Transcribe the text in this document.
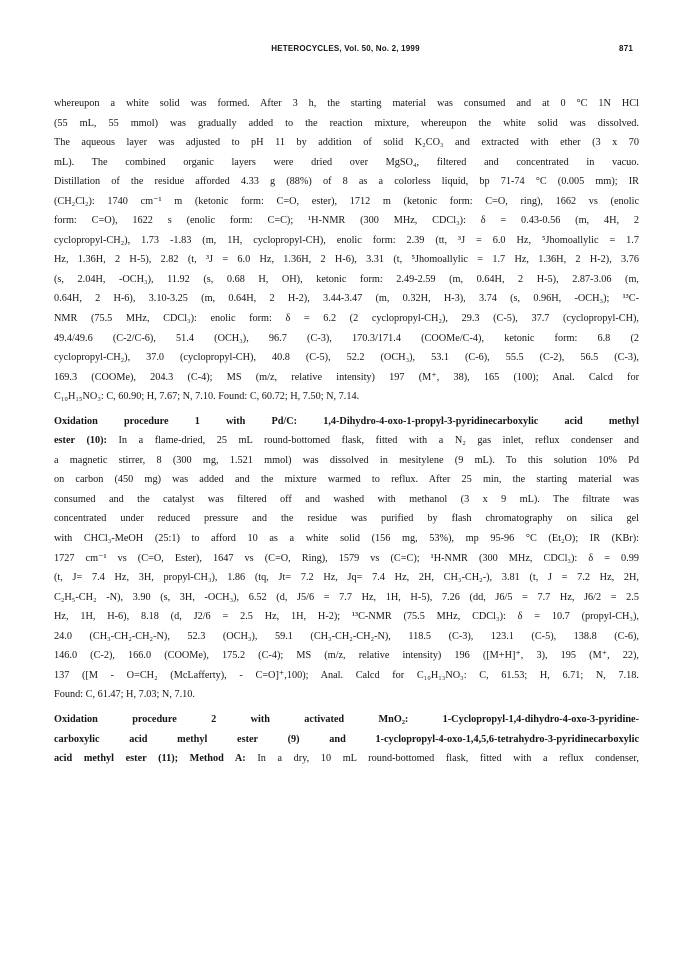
HETEROCYCLES, Vol. 50, No. 2, 1999	871
whereupon a white solid was formed. After 3 h, the starting material was consumed and at 0 °C 1N HCl
(55 mL, 55 mmol) was gradually added to the reaction mixture, whereupon the white solid was dissolved.
The aqueous layer was adjusted to pH 11 by addition of solid K₂CO₃ and extracted with ether (3 x 70
mL). The combined organic layers were dried over MgSO₄, filtered and concentrated in vacuo.
Distillation of the residue afforded 4.33 g (88%) of 8 as a colorless liquid, bp 71-74 °C (0.005 mm); IR
(CH₂Cl₂): 1740 cm⁻¹ m (ketonic form: C=O, ester), 1712 m (ketonic form: C=O, ring), 1662 vs (enolic
form: C=O), 1622 s (enolic form: C=C); ¹H-NMR (300 MHz, CDCl₃): δ = 0.43-0.56 (m, 4H, 2
cyclopropyl-CH₂), 1.73 -1.83 (m, 1H, cyclopropyl-CH), enolic form: 2.39 (tt, ³J = 6.0 Hz, ⁵Jhomoallylic = 1.7
Hz, 1.36H, 2 H-5), 2.82 (t, ³J = 6.0 Hz, 1.36H, 2 H-6), 3.31 (t, ⁵Jhomoallylic = 1.7 Hz, 1.36H, 2 H-2), 3.76
(s, 2.04H, -OCH₃), 11.92 (s, 0.68 H, OH), ketonic form: 2.49-2.59 (m, 0.64H, 2 H-5), 2.87-3.06 (m,
0.64H, 2 H-6), 3.10-3.25 (m, 0.64H, 2 H-2), 3.44-3.47 (m, 0.32H, H-3), 3.74 (s, 0.96H, -OCH₃); ¹³C-
NMR (75.5 MHz, CDCl₃): enolic form: δ = 6.2 (2 cyclopropyl-CH₂), 29.3 (C-5), 37.7 (cyclopropyl-CH),
49.4/49.6 (C-2/C-6), 51.4 (OCH₃), 96.7 (C-3), 170.3/171.4 (COOMe/C-4), ketonic form: 6.8 (2
cyclopropyl-CH₂), 37.0 (cyclopropyl-CH), 40.8 (C-5), 52.2 (OCH₃), 53.1 (C-6), 55.5 (C-2), 56.5 (C-3),
169.3 (COOMe), 204.3 (C-4); MS (m/z, relative intensity) 197 (M⁺, 38), 165 (100); Anal. Calcd for
C₁₀H₁₅NO₃: C, 60.90; H, 7.67; N, 7.10. Found: C, 60.72; H, 7.50; N, 7.14.
Oxidation procedure 1 with Pd/C: 1,4-Dihydro-4-oxo-1-propyl-3-pyridinecarboxylic acid methyl
ester (10): In a flame-dried, 25 mL round-bottomed flask, fitted with a N₂ gas inlet, reflux condenser and
a magnetic stirrer, 8 (300 mg, 1.521 mmol) was dissolved in mesitylene (9 mL). To this solution 10% Pd
on carbon (450 mg) was added and the mixture warmed to reflux. After 25 min, the starting material was
consumed and the catalyst was filtered off and washed with methanol (3 x 9 mL). The filtrate was
concentrated under reduced pressure and the residue was purified by flash chromatography on silica gel
with CHCl₃-MeOH (25:1) to afford 10 as a white solid (156 mg, 53%), mp 95-96 °C (Et₂O); IR (KBr):
1727 cm⁻¹ vs (C=O, Ester), 1647 vs (C=O, Ring), 1579 vs (C=C); ¹H-NMR (300 MHz, CDCl₃): δ = 0.99
(t, J= 7.4 Hz, 3H, propyl-CH₃), 1.86 (tq, Jt= 7.2 Hz, Jq= 7.4 Hz, 2H, CH₃-CH₂-), 3.81 (t, J = 7.2 Hz, 2H,
C₂H₅-CH₂ -N), 3.90 (s, 3H, -OCH₃), 6.52 (d, J5/6 = 7.7 Hz, 1H, H-5), 7.26 (dd, J6/5 = 7.7 Hz, J6/2 = 2.5
Hz, 1H, H-6), 8.18 (d, J2/6 = 2.5 Hz, 1H, H-2); ¹³C-NMR (75.5 MHz, CDCl₃): δ = 10.7 (propyl-CH₃),
24.0 (CH₃-CH₂-CH₂-N), 52.3 (OCH₃), 59.1 (CH₃-CH₂-CH₂-N), 118.5 (C-3), 123.1 (C-5), 138.8 (C-6),
146.0 (C-2), 166.0 (COOMe), 175.2 (C-4); MS (m/z, relative intensity) 196 ([M+H]⁺, 3), 195 (M⁺, 22),
137 ([M - O=CH₂ (McLafferty), - C=O]⁺,100); Anal. Calcd for C₁₀H₁₃NO₃: C, 61.53; H, 6.71; N, 7.18.
Found: C, 61.47; H, 7.03; N, 7.10.
Oxidation procedure 2 with activated MnO₂: 1-Cyclopropyl-1,4-dihydro-4-oxo-3-pyridine-
carboxylic acid methyl ester (9) and 1-cyclopropyl-4-oxo-1,4,5,6-tetrahydro-3-pyridinecarboxylic
acid methyl ester (11); Method A: In a dry, 10 mL round-bottomed flask, fitted with a reflux condenser,
